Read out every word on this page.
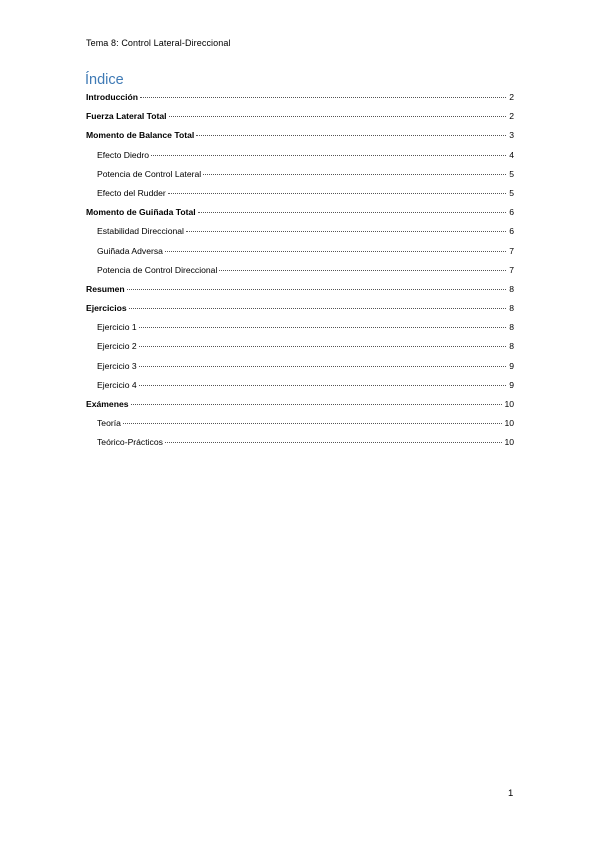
Tema 8: Control Lateral-Direccional
Índice
Introducción	2
Fuerza Lateral Total	2
Momento de Balance Total	3
Efecto Diedro	4
Potencia de Control Lateral	5
Efecto del Rudder	5
Momento de Guiñada Total	6
Estabilidad Direccional	6
Guiñada Adversa	7
Potencia de Control Direccional	7
Resumen	8
Ejercicios	8
Ejercicio 1	8
Ejercicio 2	8
Ejercicio 3	9
Ejercicio 4	9
Exámenes	10
Teoría	10
Teórico-Prácticos	10
1
